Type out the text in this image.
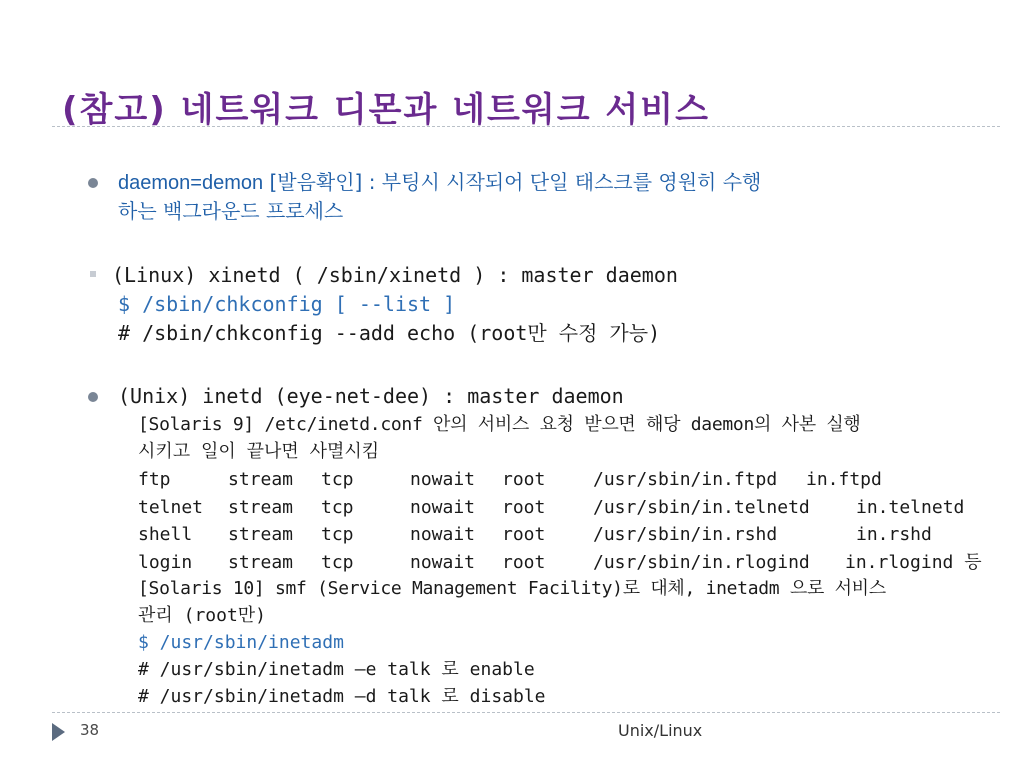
(참고) 네트워크 디몬과 네트워크 서비스
daemon=demon [발음확인] : 부팅시 시작되어 단일 태스크를 영원히 수행
하는 백그라운드 프로세스
(Linux) xinetd ( /sbin/xinetd ) : master daemon
$ /sbin/chkconfig [ --list ]
# /sbin/chkconfig --add echo (root만 수정 가능)
(Unix) inetd (eye-net-dee) : master daemon
[Solaris 9] /etc/inetd.conf 안의 서비스 요청 받으면 해당 daemon의 사본 실행
시키고 일이 끝나면 사멸시킴
ftp	stream tcp	nowait root	/usr/sbin/in.ftpd in.ftpd
telnet stream tcp	nowait root	/usr/sbin/in.telnetd	in.telnetd
shell stream tcp	nowait root	/usr/sbin/in.rshd	in.rshd
login stream tcp	nowait root	/usr/sbin/in.rlogind in.rlogind 등
[Solaris 10] smf (Service Management Facility)로 대체, inetadm 으로 서비스
관리 (root만)
$ /usr/sbin/inetadm
# /usr/sbin/inetadm –e talk 로 enable
# /usr/sbin/inetadm –d talk 로 disable
38	Unix/Linux
